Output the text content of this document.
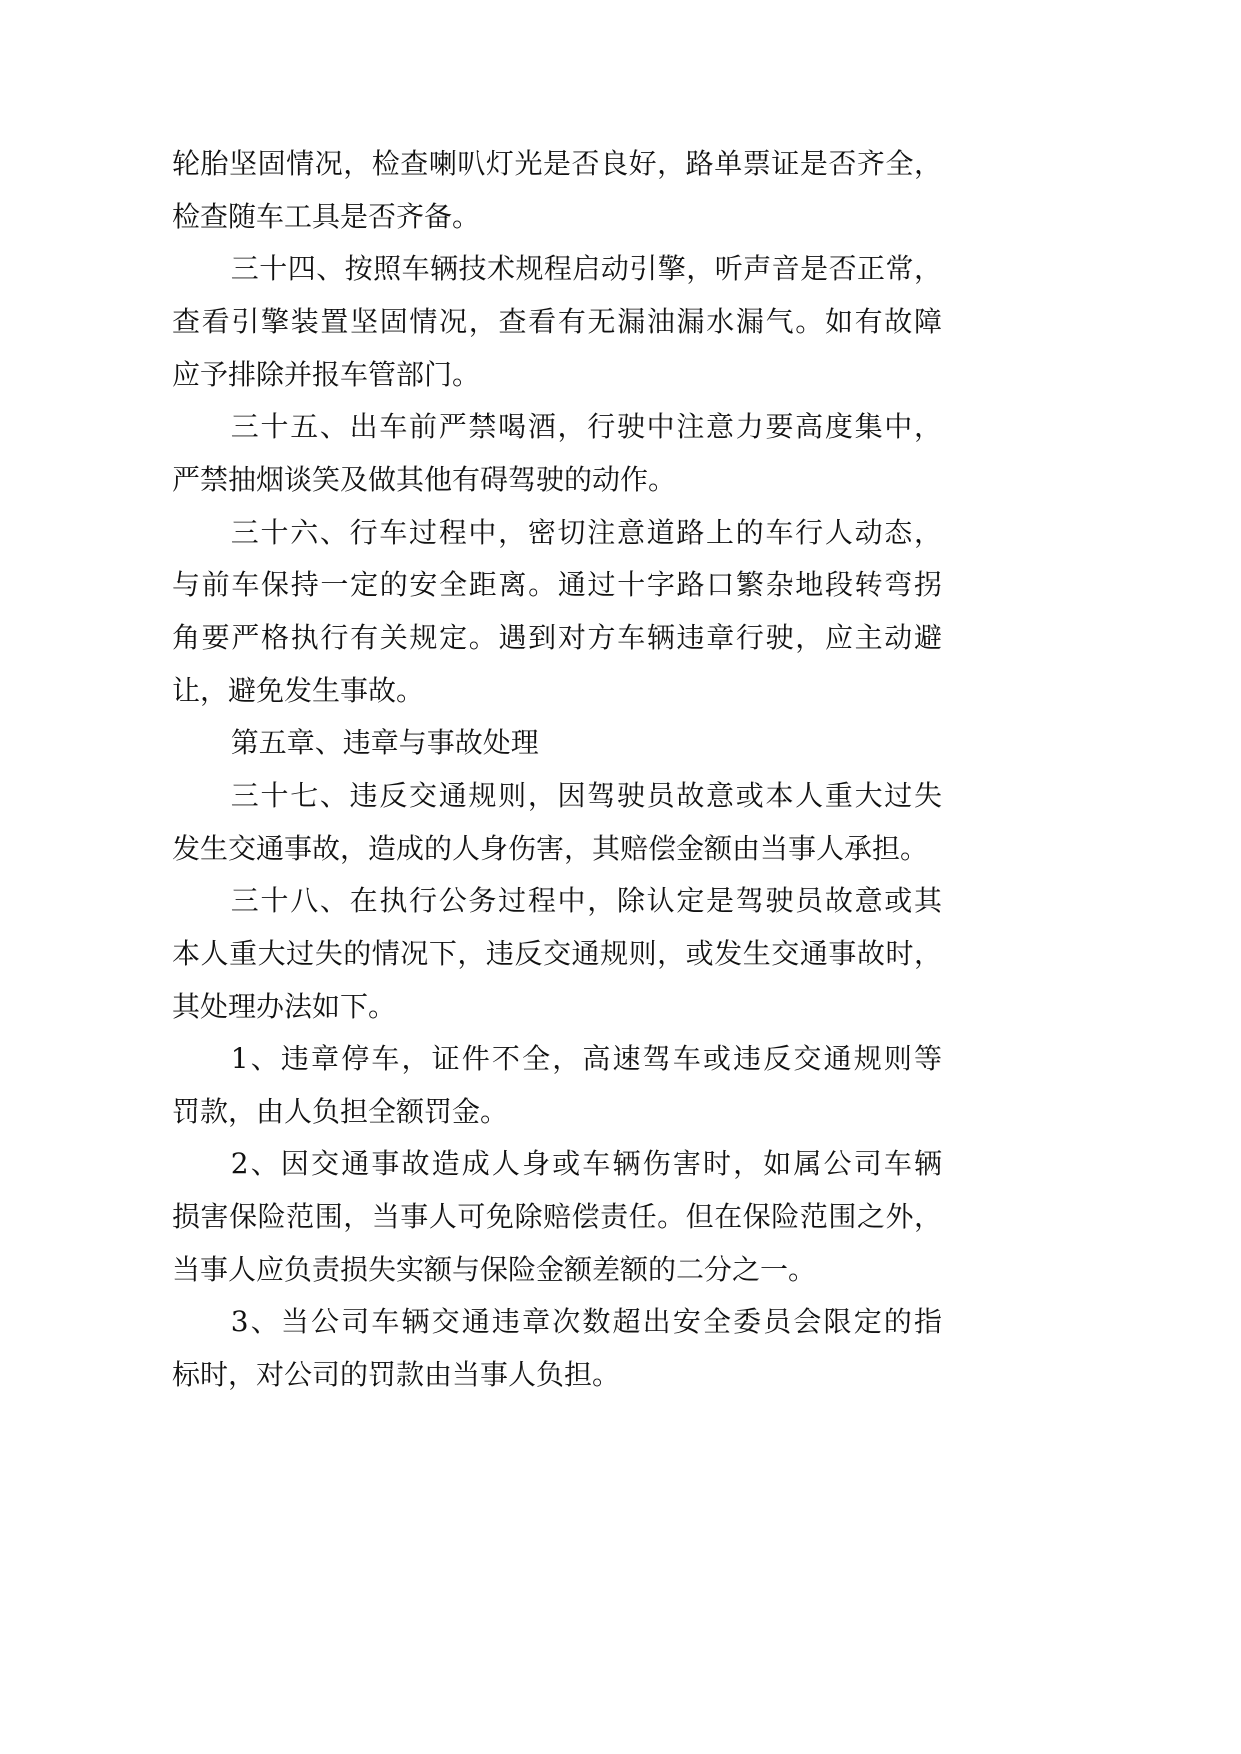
轮胎坚固情况，检查喇叭灯光是否良好，路单票证是否齐全，
检查随车工具是否齐备。
三十四、按照车辆技术规程启动引擎，听声音是否正常，
查看引擎装置坚固情况，查看有无漏油漏水漏气。如有故障
应予排除并报车管部门。
三十五、出车前严禁喝酒，行驶中注意力要高度集中，
严禁抽烟谈笑及做其他有碍驾驶的动作。
三十六、行车过程中，密切注意道路上的车行人动态，
与前车保持一定的安全距离。通过十字路口繁杂地段转弯拐
角要严格执行有关规定。遇到对方车辆违章行驶，应主动避
让，避免发生事故。
第五章、违章与事故处理
三十七、违反交通规则，因驾驶员故意或本人重大过失
发生交通事故，造成的人身伤害，其赔偿金额由当事人承担。
三十八、在执行公务过程中，除认定是驾驶员故意或其
本人重大过失的情况下，违反交通规则，或发生交通事故时，
其处理办法如下。
1、违章停车，证件不全，高速驾车或违反交通规则等
罚款，由人负担全额罚金。
2、因交通事故造成人身或车辆伤害时，如属公司车辆
损害保险范围，当事人可免除赔偿责任。但在保险范围之外，
当事人应负责损失实额与保险金额差额的二分之一。
3、当公司车辆交通违章次数超出安全委员会限定的指
标时，对公司的罚款由当事人负担。
